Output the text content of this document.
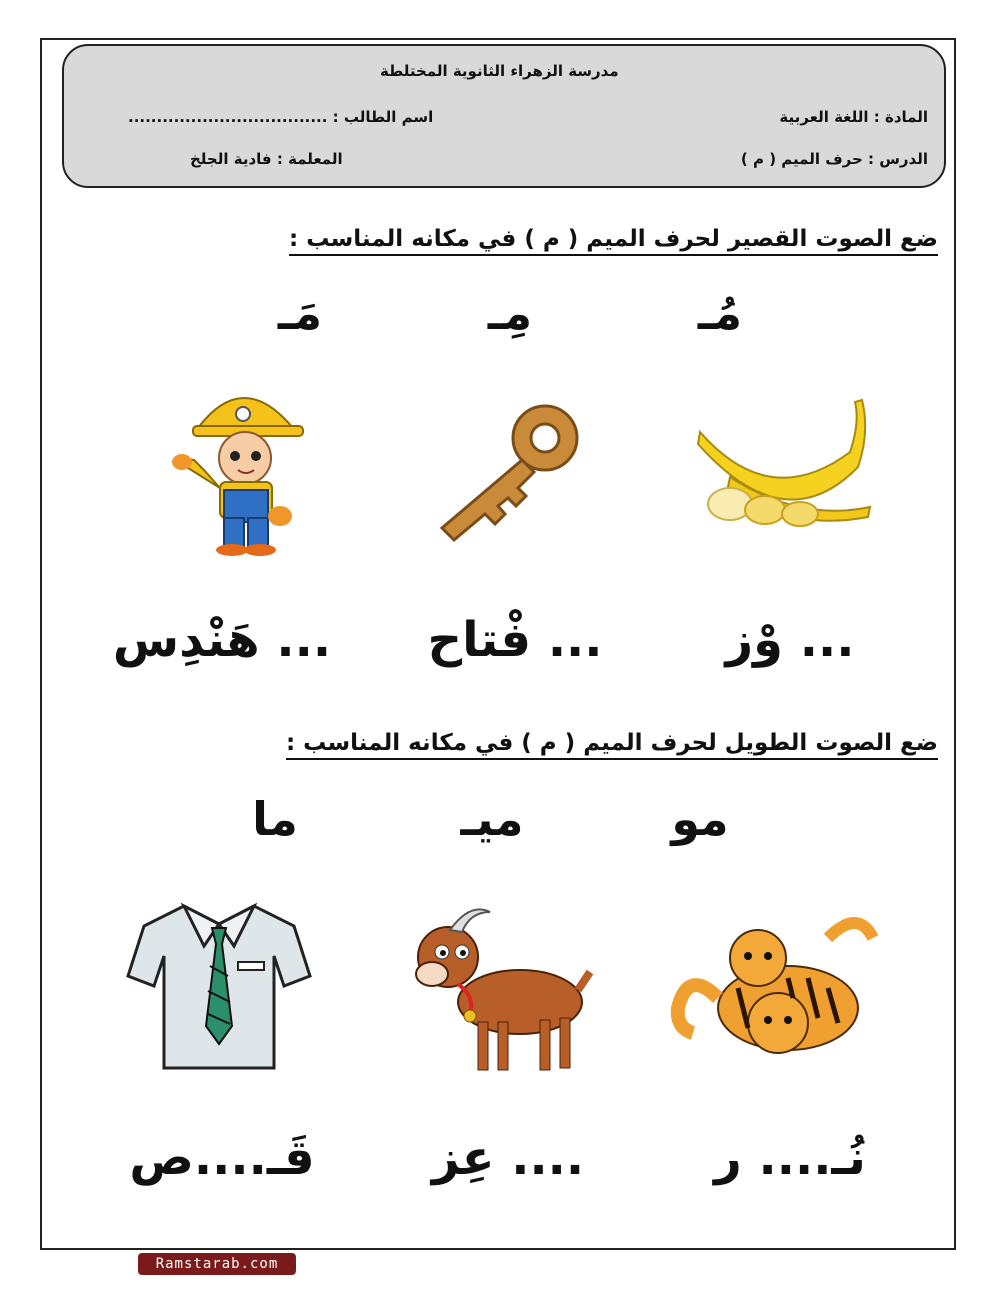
مدرسة الزهراء الثانوية المختلطة
المادة : اللغة العربية
اسم الطالب : ...................................
الدرس : حرف الميم ( م )
المعلمة : فادية الجلخ
ضع الصوت القصير لحرف الميم ( م ) في مكانه المناسب :
مُـ
مِـ
مَـ
... وْز
... فْتاح
... هَنْدِس
ضع الصوت الطويل لحرف الميم ( م ) في مكانه المناسب :
مو
ميـ
ما
نُـ.... ر
.... عِز
قَـ....ص
Ramstarab.com
